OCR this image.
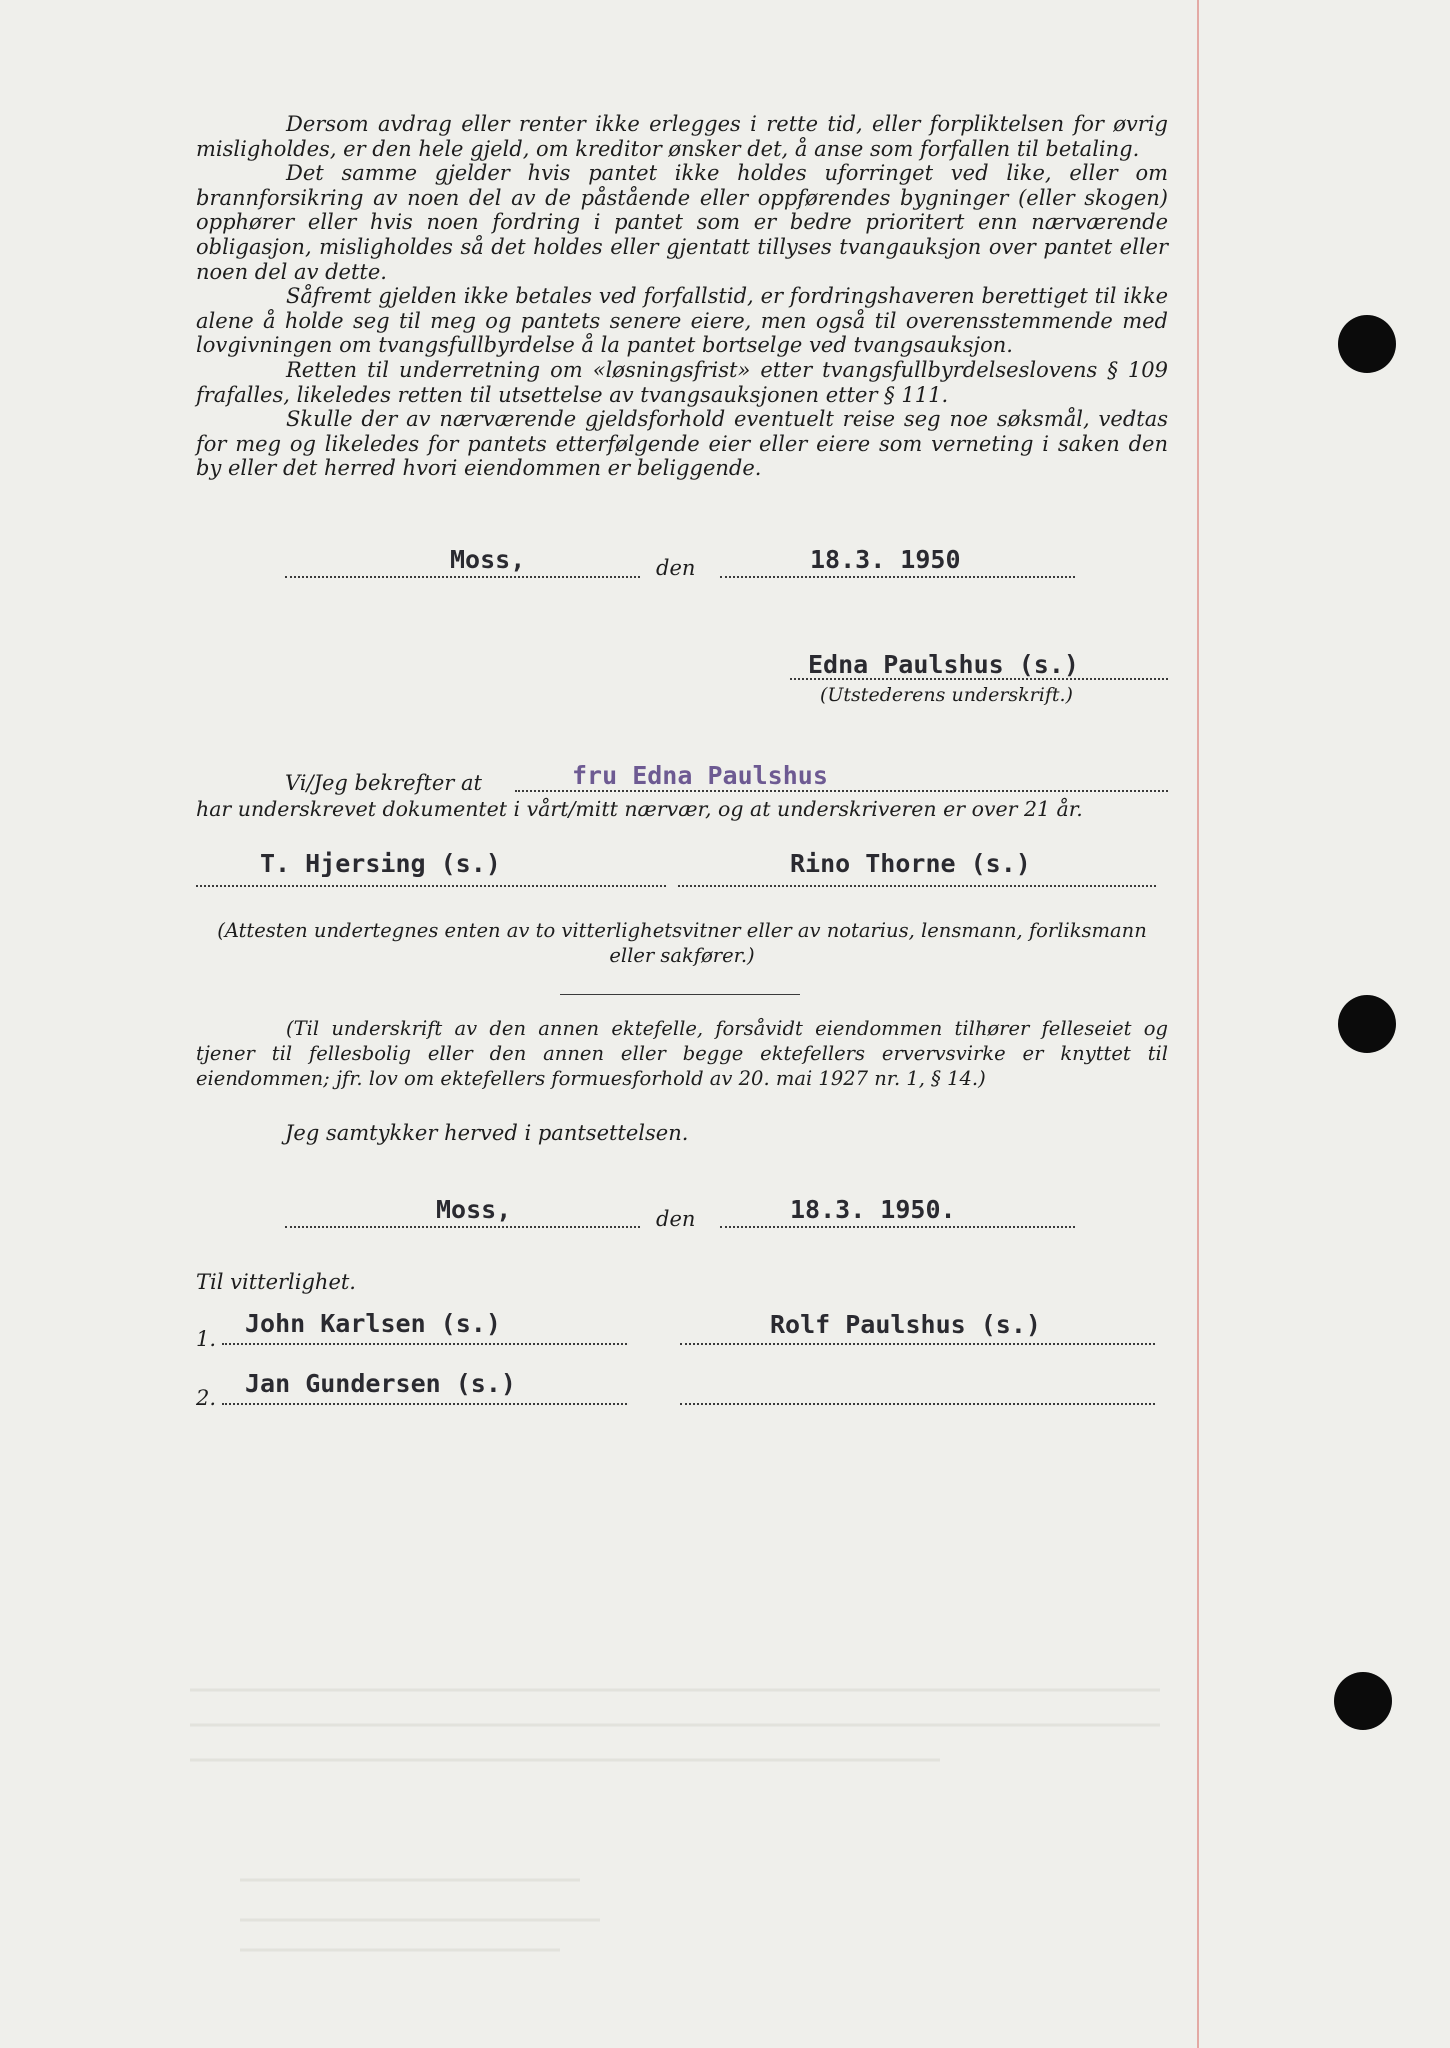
Dersom avdrag eller renter ikke erlegges i rette tid, eller forpliktelsen for øvrig misligholdes, er den hele gjeld, om kreditor ønsker det, å anse som forfallen til betaling.

Det samme gjelder hvis pantet ikke holdes uforringet ved like, eller om brannforsikring av noen del av de påstående eller oppførendes bygninger (eller skogen) opphører eller hvis noen fordring i pantet som er bedre prioritert enn nærværende obligasjon, misligholdes så det holdes eller gjentatt tillyses tvangauksjon over pantet eller noen del av dette.

Såfremt gjelden ikke betales ved forfallstid, er fordringshaveren berettiget til ikke alene å holde seg til meg og pantets senere eiere, men også til overensstemmende med lovgivningen om tvangsfullbyrdelse å la pantet bortselge ved tvangsauksjon.

Retten til underretning om «løsningsfrist» etter tvangsfullbyrdelseslovens § 109 frafalles, likeledes retten til utsettelse av tvangsauksjonen etter § 111.

Skulle der av nærværende gjeldsforhold eventuelt reise seg noe søksmål, vedtas for meg og likeledes for pantets etterfølgende eier eller eiere som verneting i saken den by eller det herred hvori eiendommen er beliggende.

Moss,	den	18.3. 1950
Edna Paulshus (s.)
(Utstederens underskrift.)
Vi/Jeg bekrefter at	fru Edna Paulshus
har underskrevet dokumentet i vårt/mitt nærvær, og at underskriveren er over 21 år.
T. Hjersing (s.)	Rino Thorne (s.)
(Attesten undertegnes enten av to vitterlighetsvitner eller av notarius, lensmann, forliksmann eller sakfører.)

(Til underskrift av den annen ektefelle, forsåvidt eiendommen tilhører felleseiet og tjener til fellesbolig eller den annen eller begge ektefellers ervervsvirke er knyttet til eiendommen; jfr. lov om ektefellers formuesforhold av 20. mai 1927 nr. 1, § 14.)

Jeg samtykker herved i pantsettelsen.
Moss,	den	18.3. 1950.
Til vitterlighet.
1.
John Karlsen (s.)	Rolf Paulshus (s.)
2. Jan Gundersen (s.)
